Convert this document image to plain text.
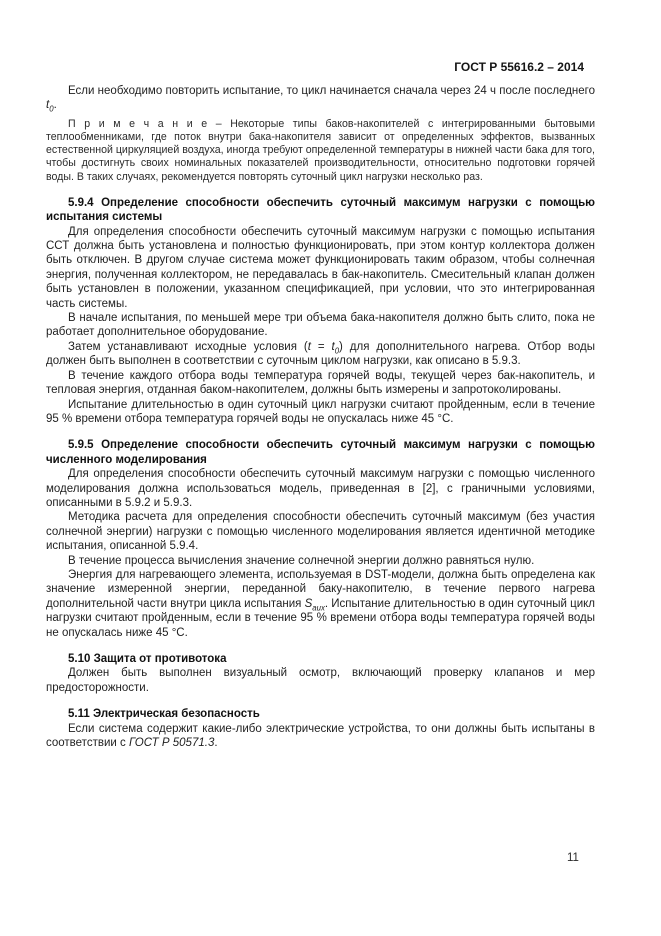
ГОСТ Р 55616.2 – 2014

Если необходимо повторить испытание, то цикл начинается сначала через 24 ч после последнего $t_0$.

П р и м е ч а н и е – Некоторые типы баков-накопителей с интегрированными бытовыми теплообменниками, где поток внутри бака-накопителя зависит от определенных эффектов, вызванных естественной циркуляцией воздуха, иногда требуют определенной температуры в нижней части бака для того, чтобы достигнуть своих номинальных показателей производительности, относительно подготовки горячей воды. В таких случаях, рекомендуется повторять суточный цикл нагрузки несколько раз.

5.9.4 Определение способности обеспечить суточный максимум нагрузки с помощью испытания системы

Для определения способности обеспечить суточный максимум нагрузки с помощью испытания ССТ должна быть установлена и полностью функционировать, при этом контур коллектора должен быть отключен. В другом случае система может функционировать таким образом, чтобы солнечная энергия, полученная коллектором, не передавалась в бак-накопитель. Смесительный клапан должен быть установлен в положении, указанном спецификацией, при условии, что это интегрированная часть системы.

В начале испытания, по меньшей мере три объема бака-накопителя должно быть слито, пока не работает дополнительное оборудование.

Затем устанавливают исходные условия $(t = t_0)$ для дополнительного нагрева. Отбор воды должен быть выполнен в соответствии с суточным циклом нагрузки, как описано в 5.9.3.

В течение каждого отбора воды температура горячей воды, текущей через бак-накопитель, и тепловая энергия, отданная баком-накопителем, должны быть измерены и запротоколированы.

Испытание длительностью в один суточный цикл нагрузки считают пройденным, если в течение 95 % времени отбора температура горячей воды не опускалась ниже 45 °С.

5.9.5 Определение способности обеспечить суточный максимум нагрузки с помощью численного моделирования

Для определения способности обеспечить суточный максимум нагрузки с помощью численного моделирования должна использоваться модель, приведенная в [2], с граничными условиями, описанными в 5.9.2 и 5.9.3.

Методика расчета для определения способности обеспечить суточный максимум (без участия солнечной энергии) нагрузки с помощью численного моделирования является идентичной методике испытания, описанной 5.9.4.

В течение процесса вычисления значение солнечной энергии должно равняться нулю.

Энергия для нагревающего элемента, используемая в DST-модели, должна быть определена как значение измеренной энергии, переданной баку-накопителю, в течение первого нагрева дополнительной части внутри цикла испытания $S_{aux}$. Испытание длительностью в один суточный цикл нагрузки считают пройденным, если в течение 95 % времени отбора воды температура горячей воды не опускалась ниже 45 °С.

5.10 Защита от противотока

Должен быть выполнен визуальный осмотр, включающий проверку клапанов и мер предосторожности.

5.11 Электрическая безопасность

Если система содержит какие-либо электрические устройства, то они должны быть испытаны в соответствии с ГОСТ Р 50571.3.

11
